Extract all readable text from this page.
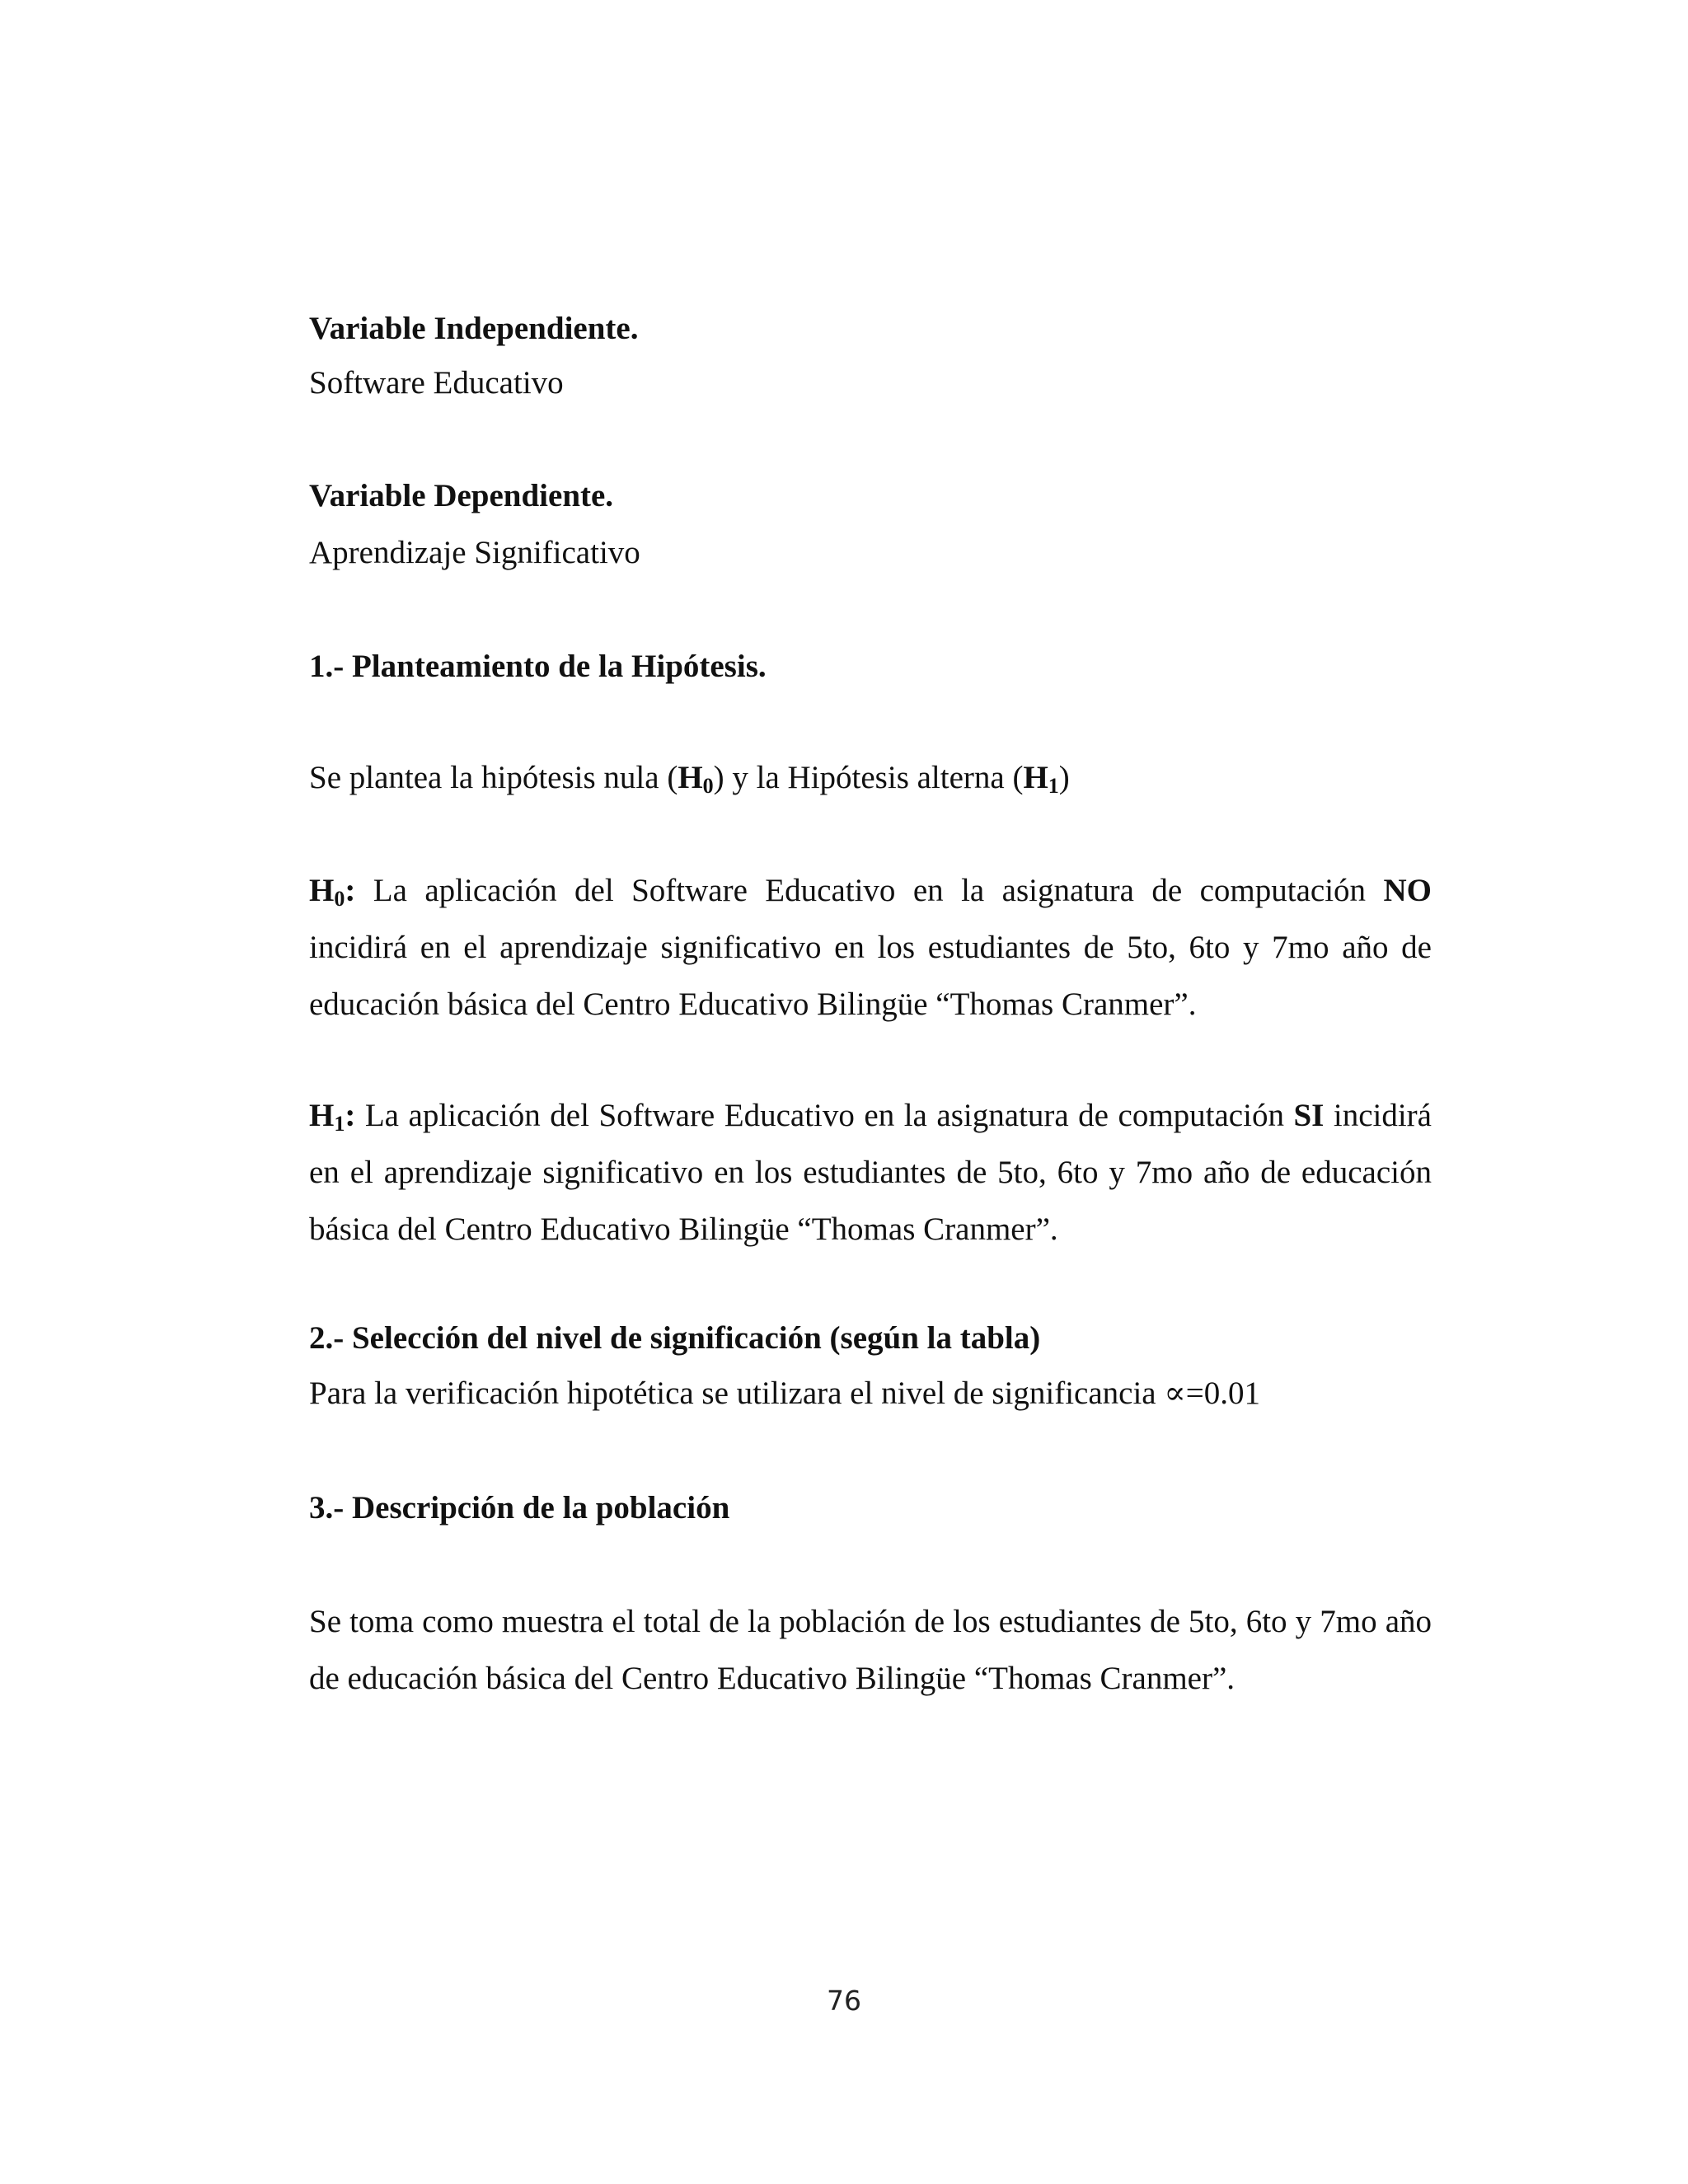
Variable Independiente.
Software Educativo
Variable Dependiente.
Aprendizaje Significativo
1.- Planteamiento de la Hipótesis.
Se plantea la hipótesis nula $(H_0)$ y la Hipótesis alterna $(H_1)$
$H_0$: La aplicación del Software Educativo en la asignatura de computación NO incidirá en el aprendizaje significativo en los estudiantes de 5to, 6to y 7mo año de educación básica del Centro Educativo Bilingüe “Thomas Cranmer”.
$H_1$: La aplicación del Software Educativo en la asignatura de computación SI incidirá en el aprendizaje significativo en los estudiantes de 5to, 6to y 7mo año de educación básica del Centro Educativo Bilingüe “Thomas Cranmer”.
2.- Selección del nivel de significación (según la tabla)
Para la verificación hipotética se utilizara el nivel de significancia ∝=0.01
3.- Descripción de la población
Se toma como muestra el total de la población de los estudiantes de 5to, 6to y 7mo año de educación básica del Centro Educativo Bilingüe “Thomas Cranmer”.
76
